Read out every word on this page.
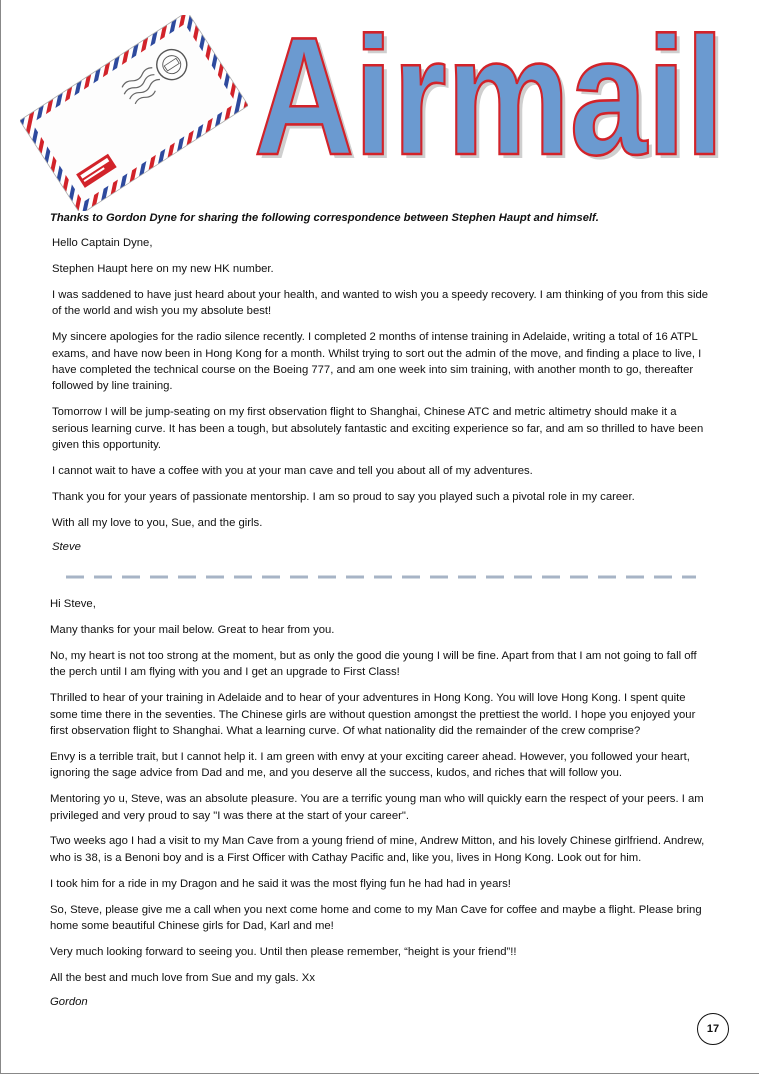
Airmail
Airmail
Thanks to Gordon Dyne for sharing the following correspondence between Stephen Haupt and himself.

Hello Captain Dyne,

Stephen Haupt here on my new HK number.

I was saddened to have just heard about your health, and wanted to wish you a speedy recovery. I am thinking of you from this side of the world and wish you my absolute best!

My sincere apologies for the radio silence recently. I completed 2 months of intense training in Adelaide, writing a total of 16 ATPL exams, and have now been in Hong Kong for a month. Whilst trying to sort out the admin of the move, and finding a place to live, I have completed the technical course on the Boeing 777, and am one week into sim training, with another month to go, thereafter followed by line training.

Tomorrow I will be jump-seating on my first observation flight to Shanghai, Chinese ATC and metric altimetry should make it a serious learning curve. It has been a tough, but absolutely fantastic and exciting experience so far, and am so thrilled to have been given this opportunity.

I cannot wait to have a coffee with you at your man cave and tell you about all of my adventures.

Thank you for your years of passionate mentorship. I am so proud to say you played such a pivotal role in my career.

With all my love to you, Sue, and the girls.

Steve

Hi Steve,

Many thanks for your mail below. Great to hear from you.

No, my heart is not too strong at the moment, but as only the good die young I will be fine. Apart from that I am not going to fall off the perch until I am flying with you and I get an upgrade to First Class!

Thrilled to hear of your training in Adelaide and to hear of your adventures in Hong Kong. You will love Hong Kong. I spent quite some time there in the seventies. The Chinese girls are without question amongst the prettiest the world. I hope you enjoyed your first observation flight to Shanghai. What a learning curve. Of what nationality did the remainder of the crew comprise?

Envy is a terrible trait, but I cannot help it. I am green with envy at your exciting career ahead. However, you followed your heart, ignoring the sage advice from Dad and me, and you deserve all the success, kudos, and riches that will follow you.

Mentoring yo u, Steve, was an absolute pleasure. You are a terrific young man who will quickly earn the respect of your peers. I am privileged and very proud to say "I was there at the start of your career".

Two weeks ago I had a visit to my Man Cave from a young friend of mine, Andrew Mitton, and his lovely Chinese girlfriend. Andrew, who is 38, is a Benoni boy and is a First Officer with Cathay Pacific and, like you, lives in Hong Kong. Look out for him.

I took him for a ride in my Dragon and he said it was the most flying fun he had had in years!

So, Steve, please give me a call when you next come home and come to my Man Cave for coffee and maybe a flight. Please bring home some beautiful Chinese girls for Dad, Karl and me!

Very much looking forward to seeing you. Until then please remember, “height is your friend”!!

All the best and much love from Sue and my gals. Xx

Gordon

17
